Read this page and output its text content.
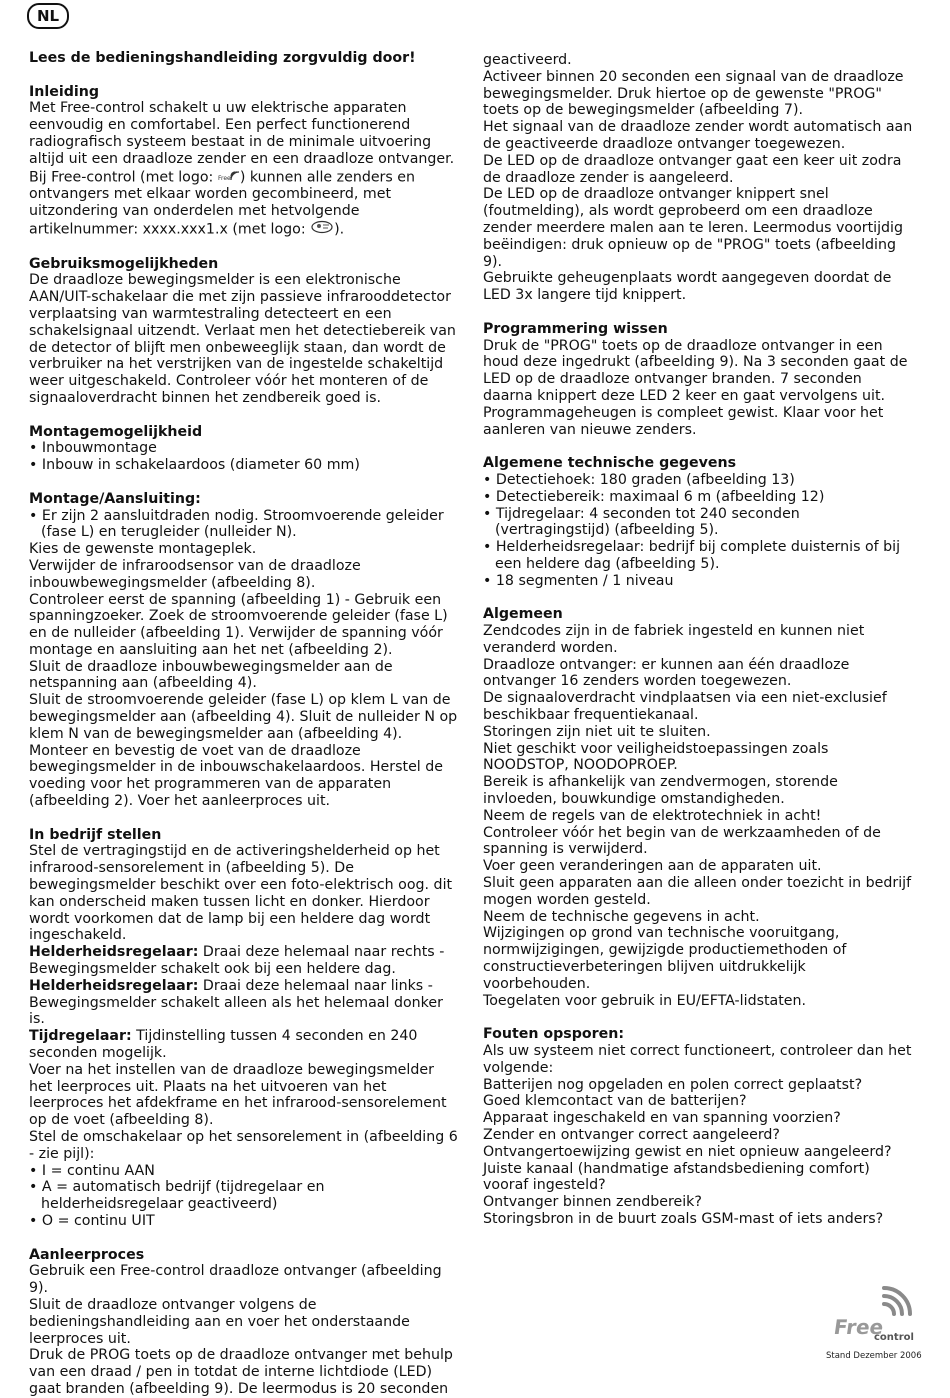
NL

Lees de bedieningshandleiding zorgvuldig door!

Inleiding

Met Free-control schakelt u uw elektrische apparaten eenvoudig en comfortabel. Een perfect functionerend radiografisch systeem bestaat in de minimale uitvoering altijd uit een draadloze zender en een draadloze ontvanger. Bij Free-control (met logo: Free ) kunnen alle zenders en ontvangers met elkaar worden gecombineerd, met uitzondering van onderdelen met hetvolgende artikelnummer: xxxx.xxx1.x (met logo: ).

Gebruiksmogelijkheden

De draadloze bewegingsmelder is een elektronische AAN/UIT-schakelaar die met zijn passieve infrarooddetector verplaatsing van warmtestraling detecteert en een schakelsignaal uitzendt. Verlaat men het detectiebereik van de detector of blijft men onbeweeglijk staan, dan wordt de verbruiker na het verstrijken van de ingestelde schakeltijd weer uitgeschakeld. Controleer vóór het monteren of de signaaloverdracht binnen het zendbereik goed is.

Montagemogelijkheid

• Inbouwmontage
• Inbouw in schakelaardoos (diameter 60 mm)

Montage/Aansluiting:

• Er zijn 2 aansluitdraden nodig. Stroomvoerende geleider (fase L) en terugleider (nulleider N).

Kies de gewenste montageplek.
Verwijder de infraroodsensor van de draadloze inbouwbewegingsmelder (afbeelding 8).
Controleer eerst de spanning (afbeelding 1) - Gebruik een spanningzoeker. Zoek de stroomvoerende geleider (fase L) en de nulleider (afbeelding 1). Verwijder de spanning vóór montage en aansluiting aan het net (afbeelding 2).
Sluit de draadloze inbouwbewegingsmelder aan de netspanning aan (afbeelding 4).
Sluit de stroomvoerende geleider (fase L) op klem L van de bewegingsmelder aan (afbeelding 4). Sluit de nulleider N op klem N van de bewegingsmelder aan (afbeelding 4).
Monteer en bevestig de voet van de draadloze bewegingsmelder in de inbouwschakelaardoos. Herstel de voeding voor het programmeren van de apparaten (afbeelding 2). Voer het aanleerproces uit.

In bedrijf stellen

Stel de vertragingstijd en de activeringshelderheid op het infrarood-sensorelement in (afbeelding 5). De bewegingsmelder beschikt over een foto-elektrisch oog. dit kan onderscheid maken tussen licht en donker. Hierdoor wordt voorkomen dat de lamp bij een heldere dag wordt ingeschakeld.

Helderheidsregelaar: Draai deze helemaal naar rechts - Bewegingsmelder schakelt ook bij een heldere dag.

Helderheidsregelaar: Draai deze helemaal naar links - Bewegingsmelder schakelt alleen als het helemaal donker is.

Tijdregelaar: Tijdinstelling tussen 4 seconden en 240 seconden mogelijk.

Voer na het instellen van de draadloze bewegingsmelder het leerproces uit. Plaats na het uitvoeren van het leerproces het afdekframe en het infrarood-sensorelement op de voet (afbeelding 8).
Stel de omschakelaar op het sensorelement in (afbeelding 6 - zie pijl):

• I = continu AAN
• A = automatisch bedrijf (tijdregelaar en helderheidsregelaar geactiveerd)
• O = continu UIT

Aanleerproces

Gebruik een Free-control draadloze ontvanger (afbeelding 9).
Sluit de draadloze ontvanger volgens de bedieningshandleiding aan en voer het onderstaande leerproces uit.
Druk de PROG toets op de draadloze ontvanger met behulp van een draad / pen in totdat de interne lichtdiode (LED) gaat branden (afbeelding 9). De leermodus is 20 seconden

geactiveerd.
Activeer binnen 20 seconden een signaal van de draadloze bewegingsmelder. Druk hiertoe op de gewenste "PROG" toets op de bewegingsmelder (afbeelding 7).
Het signaal van de draadloze zender wordt automatisch aan de geactiveerde draadloze ontvanger toegewezen.
De LED op de draadloze ontvanger gaat een keer uit zodra de draadloze zender is aangeleerd.
De LED op de draadloze ontvanger knippert snel (foutmelding), als wordt geprobeerd om een draadloze zender meerdere malen aan te leren. Leermodus voortijdig beëindigen: druk opnieuw op de "PROG" toets (afbeelding 9).
Gebruikte geheugenplaats wordt aangegeven doordat de LED 3x langere tijd knippert.

Programmering wissen

Druk de "PROG" toets op de draadloze ontvanger in een houd deze ingedrukt (afbeelding 9). Na 3 seconden gaat de LED op de draadloze ontvanger branden. 7 seconden daarna knippert deze LED 2 keer en gaat vervolgens uit. Programmageheugen is compleet gewist. Klaar voor het aanleren van nieuwe zenders.

Algemene technische gegevens

• Detectiehoek: 180 graden (afbeelding 13)
• Detectiebereik: maximaal 6 m (afbeelding 12)
• Tijdregelaar: 4 seconden tot 240 seconden (vertragingstijd) (afbeelding 5).
• Helderheidsregelaar: bedrijf bij complete duisternis of bij een heldere dag (afbeelding 5).
• 18 segmenten / 1 niveau

Algemeen

Zendcodes zijn in de fabriek ingesteld en kunnen niet veranderd worden.
Draadloze ontvanger: er kunnen aan één draadloze ontvanger 16 zenders worden toegewezen.
De signaaloverdracht vindplaatsen via een niet-exclusief beschikbaar frequentiekanaal.
Storingen zijn niet uit te sluiten.
Niet geschikt voor veiligheidstoepassingen zoals NOODSTOP, NOODOPROEP.
Bereik is afhankelijk van zendvermogen, storende invloeden, bouwkundige omstandigheden.
Neem de regels van de elektrotechniek in acht!
Controleer vóór het begin van de werkzaamheden of de spanning is verwijderd.
Voer geen veranderingen aan de apparaten uit.
Sluit geen apparaten aan die alleen onder toezicht in bedrijf mogen worden gesteld.
Neem de technische gegevens in acht.
Wijzigingen op grond van technische vooruitgang, normwijzigingen, gewijzigde productiemethoden of constructieverbeteringen blijven uitdrukkelijk voorbehouden.
Toegelaten voor gebruik in EU/EFTA-lidstaten.

Fouten opsporen:

Als uw systeem niet correct functioneert, controleer dan het volgende:
Batterijen nog opgeladen en polen correct geplaatst?
Goed klemcontact van de batterijen?
Apparaat ingeschakeld en van spanning voorzien?
Zender en ontvanger correct aangeleerd?
Ontvangertoewijzing gewist en niet opnieuw aangeleerd?
Juiste kanaal (handmatige afstandsbediening comfort) vooraf ingesteld?
Ontvanger binnen zendbereik?
Storingsbron in de buurt zoals GSM-mast of iets anders?

Free
control
Stand Dezember 2006
